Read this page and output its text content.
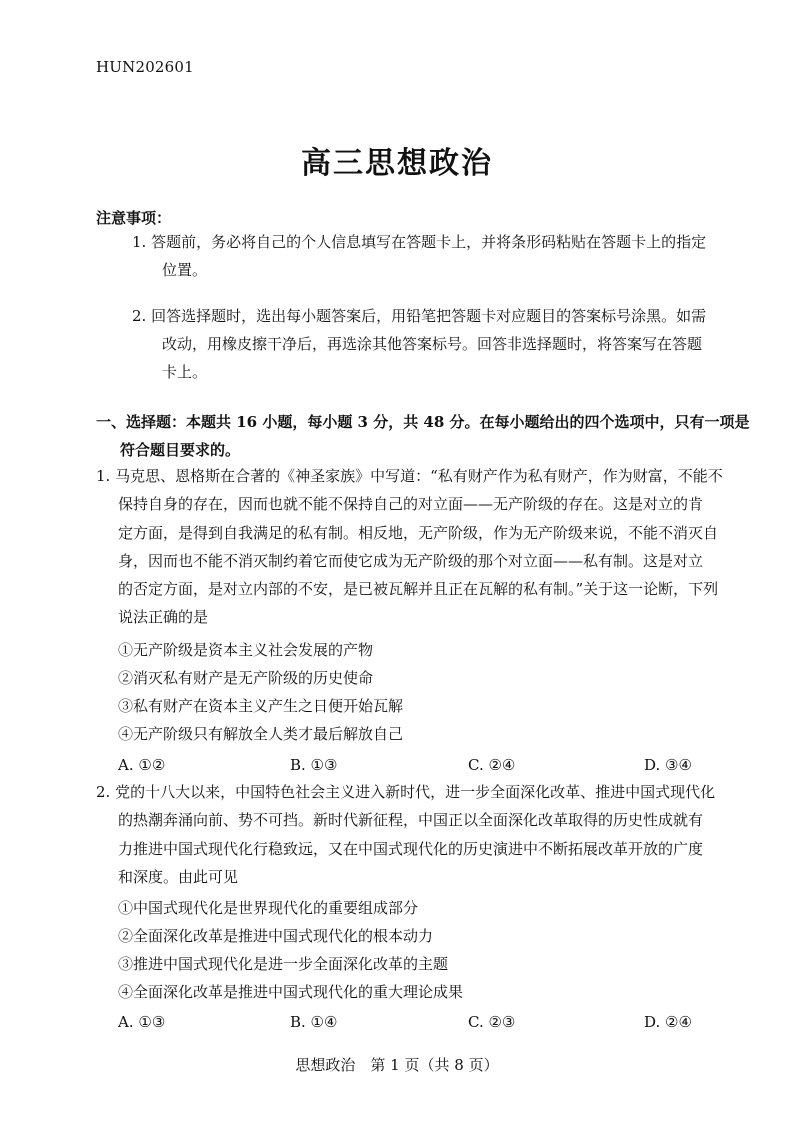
HUN202601
高三思想政治
注意事项：
1. 答题前，务必将自己的个人信息填写在答题卡上，并将条形码粘贴在答题卡上的指定
位置。
2. 回答选择题时，选出每小题答案后，用铅笔把答题卡对应题目的答案标号涂黑。如需
改动，用橡皮擦干净后，再选涂其他答案标号。回答非选择题时，将答案写在答题
卡上。
一、选择题：本题共 16 小题，每小题 3 分，共 48 分。在每小题给出的四个选项中，只有一项是
符合题目要求的。
1. 马克思、恩格斯在合著的《神圣家族》中写道：“私有财产作为私有财产，作为财富，不能不
保持自身的存在，因而也就不能不保持自己的对立面——无产阶级的存在。这是对立的肯
定方面，是得到自我满足的私有制。相反地，无产阶级，作为无产阶级来说，不能不消灭自
身，因而也不能不消灭制约着它而使它成为无产阶级的那个对立面——私有制。这是对立
的否定方面，是对立内部的不安，是已被瓦解并且正在瓦解的私有制。”关于这一论断，下列
说法正确的是
①无产阶级是资本主义社会发展的产物
②消灭私有财产是无产阶级的历史使命
③私有财产在资本主义产生之日便开始瓦解
④无产阶级只有解放全人类才最后解放自己
A. ①②	B. ①③	C. ②④	D. ③④
2. 党的十八大以来，中国特色社会主义进入新时代，进一步全面深化改革、推进中国式现代化
的热潮奔涌向前、势不可挡。新时代新征程，中国正以全面深化改革取得的历史性成就有
力推进中国式现代化行稳致远，又在中国式现代化的历史演进中不断拓展改革开放的广度
和深度。由此可见
①中国式现代化是世界现代化的重要组成部分
②全面深化改革是推进中国式现代化的根本动力
③推进中国式现代化是进一步全面深化改革的主题
④全面深化改革是推进中国式现代化的重大理论成果
A. ①③	B. ①④	C. ②③	D. ②④
思想政治　第 1 页（共 8 页）
